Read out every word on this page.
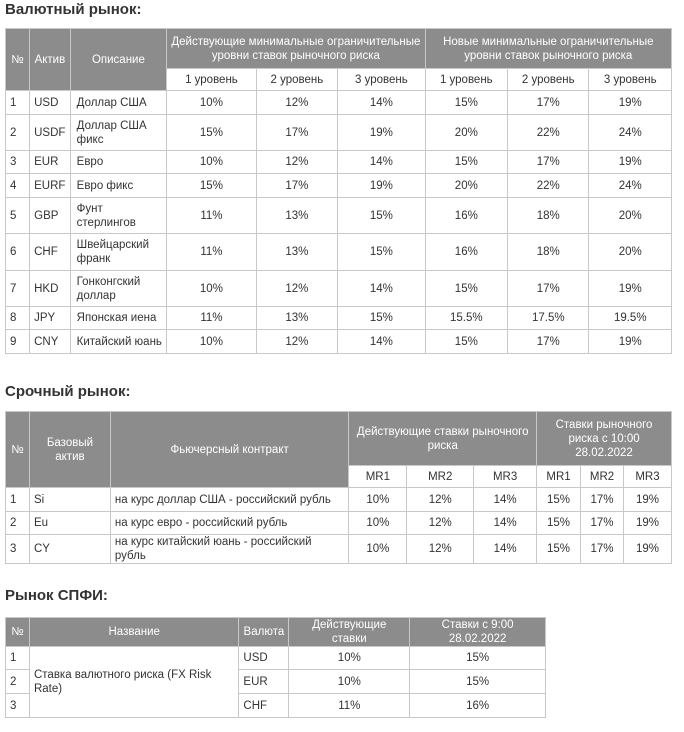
Валютный рынок:
№	Актив	Описание	Действующие минимальные ограничительные уровни ставок рыночного риска			Новые минимальные ограничительные уровни ставок рыночного риска		
			1 уровень	2 уровень	3 уровень	1 уровень	2 уровень	3 уровень
1	USD	Доллар США	10%	12%	14%	15%	17%	19%
2	USDF	Доллар США фикс	15%	17%	19%	20%	22%	24%
3	EUR	Евро	10%	12%	14%	15%	17%	19%
4	EURF	Евро фикс	15%	17%	19%	20%	22%	24%
5	GBP	Фунт стерлингов	11%	13%	15%	16%	18%	20%
6	CHF	Швейцарский франк	11%	13%	15%	16%	18%	20%
7	HKD	Гонконгский доллар	10%	12%	14%	15%	17%	19%
8	JPY	Японская иена	11%	13%	15%	15.5%	17.5%	19.5%
9	CNY	Китайский юань	10%	12%	14%	15%	17%	19%
Срочный рынок:
№	Базовый актив	Фьючерсный контракт	Действующие ставки рыночного риска			Ставки рыночного риска с 10:00 28.02.2022		
			MR1	MR2	MR3	MR1	MR2	MR3
1	Si	на курс доллар США - российский рубль	10%	12%	14%	15%	17%	19%
2	Eu	на курс евро - российский рубль	10%	12%	14%	15%	17%	19%
3	CY	на курс китайский юань - российский рубль	10%	12%	14%	15%	17%	19%
Рынок СПФИ:
№	Название	Валюта	Действующие ставки	Ставки с 9:00 28.02.2022
1	Ставка валютного риска (FX Risk Rate)	USD	10%	15%
2		EUR	10%	15%
3		CHF	11%	16%
